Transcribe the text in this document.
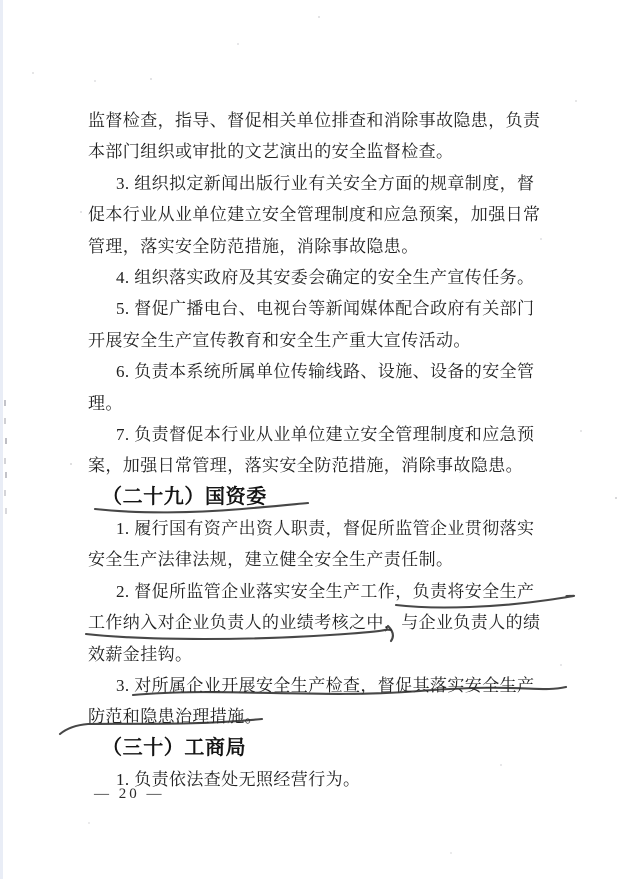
监督检查，指导、督促相关单位排查和消除事故隐患，负责
本部门组织或审批的文艺演出的安全监督检查。
3. 组织拟定新闻出版行业有关安全方面的规章制度，督
促本行业从业单位建立安全管理制度和应急预案，加强日常
管理，落实安全防范措施，消除事故隐患。
4. 组织落实政府及其安委会确定的安全生产宣传任务。
5. 督促广播电台、电视台等新闻媒体配合政府有关部门
开展安全生产宣传教育和安全生产重大宣传活动。
6. 负责本系统所属单位传输线路、设施、设备的安全管
理。
7. 负责督促本行业从业单位建立安全管理制度和应急预
案，加强日常管理，落实安全防范措施，消除事故隐患。
（二十九）国资委
1. 履行国有资产出资人职责，督促所监管企业贯彻落实
安全生产法律法规，建立健全安全生产责任制。
2. 督促所监管企业落实安全生产工作，负责将安全生产
工作纳入对企业负责人的业绩考核之中，与企业负责人的绩
效薪金挂钩。
3. 对所属企业开展安全生产检查，督促其落实安全生产
防范和隐患治理措施。
（三十）工商局
1. 负责依法查处无照经营行为。
— 20 —
